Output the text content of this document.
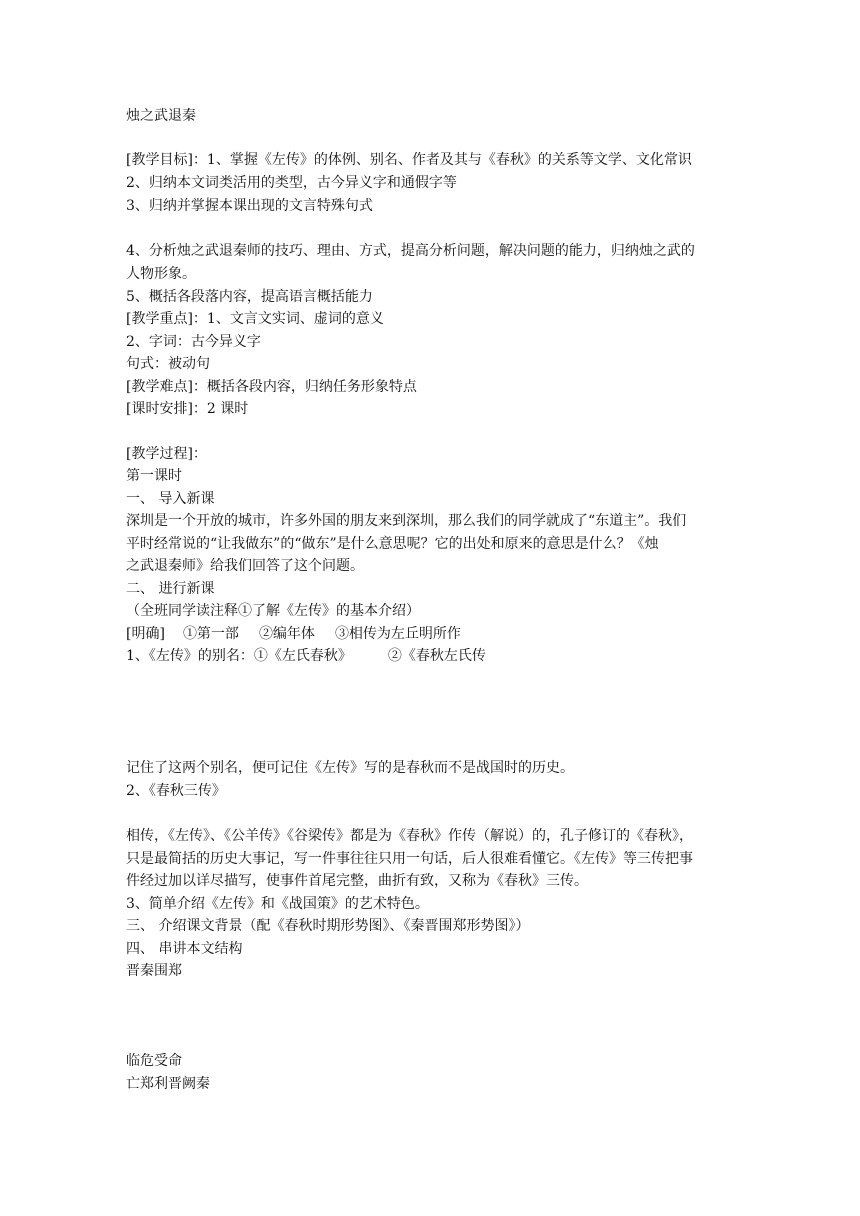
烛之武退秦
[教学目标]：1、掌握《左传》的体例、别名、作者及其与《春秋》的关系等文学、文化常识
2、归纳本文词类活用的类型，古今异义字和通假字等
3、归纳并掌握本课出现的文言特殊句式
4、分析烛之武退秦师的技巧、理由、方式，提高分析问题，解决问题的能力，归纳烛之武的
人物形象。
5、概括各段落内容，提高语言概括能力
[教学重点]：1、文言文实词、虚词的意义
2、字词：古今异义字
句式：被动句
[教学难点]：概括各段内容，归纳任务形象特点
[课时安排]：2 课时
[教学过程]：
第一课时
一、 导入新课
深圳是一个开放的城市，许多外国的朋友来到深圳，那么我们的同学就成了“东道主”。我们
平时经常说的“让我做东”的“做东”是什么意思呢？它的出处和原来的意思是什么？《烛
之武退秦师》给我们回答了这个问题。
二、 进行新课
（全班同学读注释①了解《左传》的基本介绍）
[明确] ①第一部 ②编年体 ③相传为左丘明所作
1、《左传》的别名：①《左氏春秋》	②《春秋左氏传
记住了这两个别名，便可记住《左传》写的是春秋而不是战国时的历史。
2、《春秋三传》
相传，《左传》、《公羊传》《谷梁传》都是为《春秋》作传（解说）的，孔子修订的《春秋》，
只是最简括的历史大事记，写一件事往往只用一句话，后人很难看懂它。《左传》等三传把事
件经过加以详尽描写，使事件首尾完整，曲折有致，又称为《春秋》三传。
3、简单介绍《左传》和《战国策》的艺术特色。
三、 介绍课文背景（配《春秋时期形势图》、《秦晋围郑形势图》）
四、 串讲本文结构
晋秦围郑
临危受命
亡郑利晋阙秦
